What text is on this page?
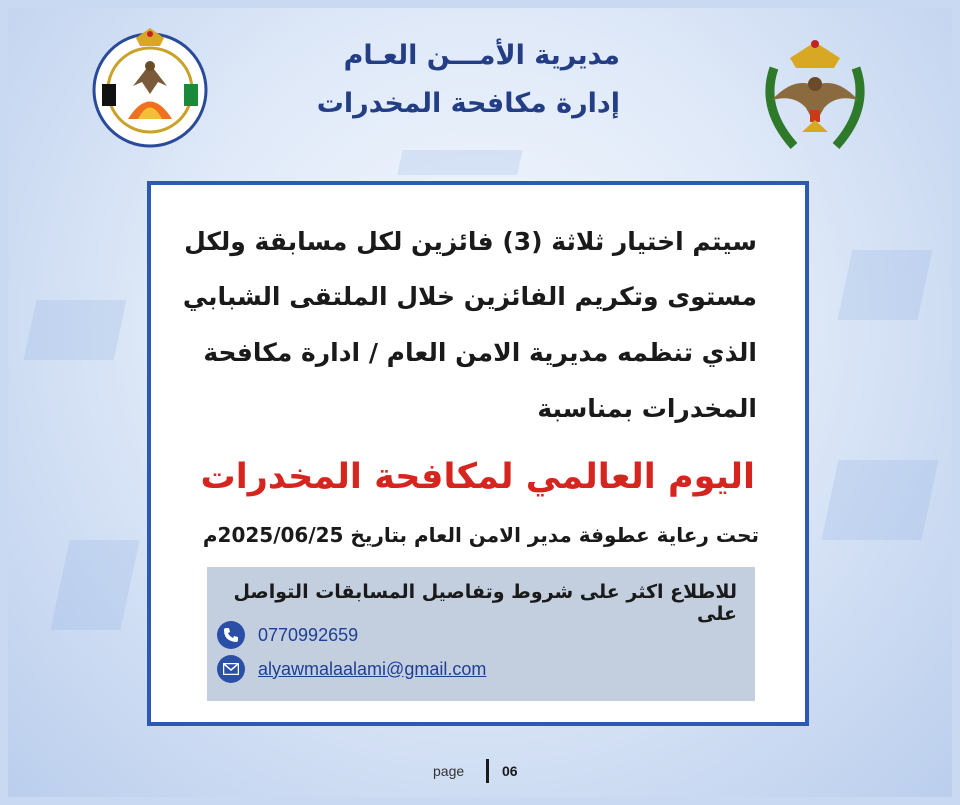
مديرية الأمـــن العـام
إدارة مكافحة المخدرات
سيتم اختيار ثلاثة (3) فائزين لكل مسابقة ولكل
مستوى وتكريم الفائزين خلال الملتقى الشبابي
الذي تنظمه مديرية الامن العام / ادارة مكافحة
المخدرات بمناسبة
اليوم العالمي لمكافحة المخدرات
تحت رعاية عطوفة مدير الامن العام بتاريخ 2025/06/25م
للاطلاع اكثر على شروط وتفاصيل المسابقات التواصل على
0770992659
alyawmalaalami@gmail.com
page	06
